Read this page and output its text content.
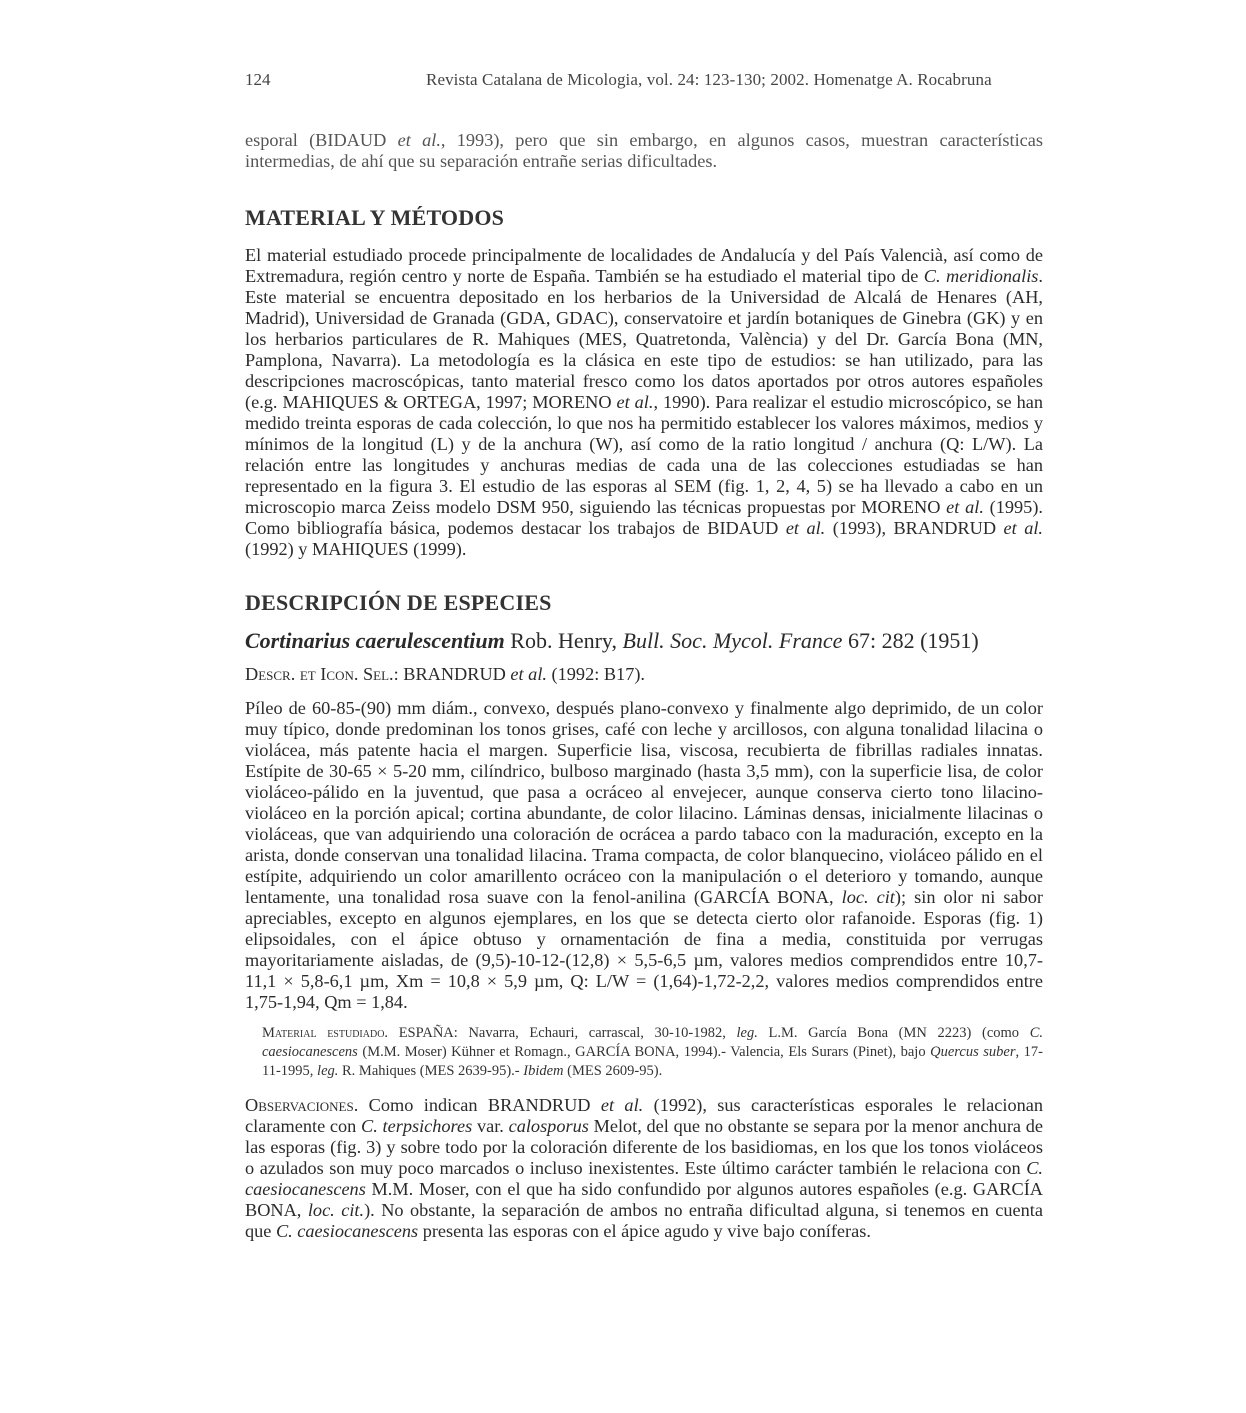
124	Revista Catalana de Micologia, vol. 24: 123-130; 2002. Homenatge A. Rocabruna

esporal (BIDAUD et al., 1993), pero que sin embargo, en algunos casos, muestran características intermedias, de ahí que su separación entrañe serias dificultades.

MATERIAL Y MÉTODOS

El material estudiado procede principalmente de localidades de Andalucía y del País Valencià, así como de Extremadura, región centro y norte de España. También se ha estudiado el material tipo de C. meridionalis. Este material se encuentra depositado en los herbarios de la Universidad de Alcalá de Henares (AH, Madrid), Universidad de Granada (GDA, GDAC), conservatoire et jardín botaniques de Ginebra (GK) y en los herbarios particulares de R. Mahiques (MES, Quatretonda, València) y del Dr. García Bona (MN, Pamplona, Navarra). La metodología es la clásica en este tipo de estudios: se han utilizado, para las descripciones macroscópicas, tanto material fresco como los datos aportados por otros autores españoles (e.g. MAHIQUES & ORTEGA, 1997; MORENO et al., 1990). Para realizar el estudio microscópico, se han medido treinta esporas de cada colección, lo que nos ha permitido establecer los valores máximos, medios y mínimos de la longitud (L) y de la anchura (W), así como de la ratio longitud / anchura (Q: L/W). La relación entre las longitudes y anchuras medias de cada una de las colecciones estudiadas se han representado en la figura 3. El estudio de las esporas al SEM (fig. 1, 2, 4, 5) se ha llevado a cabo en un microscopio marca Zeiss modelo DSM 950, siguiendo las técnicas propuestas por MORENO et al. (1995). Como bibliografía básica, podemos destacar los trabajos de BIDAUD et al. (1993), BRANDRUD et al. (1992) y MAHIQUES (1999).

DESCRIPCIÓN DE ESPECIES

Cortinarius caerulescentium Rob. Henry, Bull. Soc. Mycol. France 67: 282 (1951)

Descr. et Icon. Sel.: BRANDRUD et al. (1992: B17).

Píleo de 60-85-(90) mm diám., convexo, después plano-convexo y finalmente algo deprimido, de un color muy típico, donde predominan los tonos grises, café con leche y arcillosos, con alguna tonalidad lilacina o violácea, más patente hacia el margen. Superficie lisa, viscosa, recubierta de fibrillas radiales innatas. Estípite de 30-65 × 5-20 mm, cilíndrico, bulboso marginado (hasta 3,5 mm), con la superficie lisa, de color violáceo-pálido en la juventud, que pasa a ocráceo al envejecer, aunque conserva cierto tono lilacino-violáceo en la porción apical; cortina abundante, de color lilacino. Láminas densas, inicialmente lilacinas o violáceas, que van adquiriendo una coloración de ocrácea a pardo tabaco con la maduración, excepto en la arista, donde conservan una tonalidad lilacina. Trama compacta, de color blanquecino, violáceo pálido en el estípite, adquiriendo un color amarillento ocráceo con la manipulación o el deterioro y tomando, aunque lentamente, una tonalidad rosa suave con la fenol-anilina (GARCÍA BONA, loc. cit); sin olor ni sabor apreciables, excepto en algunos ejemplares, en los que se detecta cierto olor rafanoide. Esporas (fig. 1) elipsoidales, con el ápice obtuso y ornamentación de fina a media, constituida por verrugas mayoritariamente aisladas, de (9,5)-10-12-(12,8) × 5,5-6,5 µm, valores medios comprendidos entre 10,7-11,1 × 5,8-6,1 µm, Xm = 10,8 × 5,9 µm, Q: L/W = (1,64)-1,72-2,2, valores medios comprendidos entre 1,75-1,94, Qm = 1,84.

Material estudiado. ESPAÑA: Navarra, Echauri, carrascal, 30-10-1982, leg. L.M. García Bona (MN 2223) (como C. caesiocanescens (M.M. Moser) Kühner et Romagn., GARCÍA BONA, 1994).- Valencia, Els Surars (Pinet), bajo Quercus suber, 17-11-1995, leg. R. Mahiques (MES 2639-95).- Ibidem (MES 2609-95).

Observaciones. Como indican BRANDRUD et al. (1992), sus características esporales le relacionan claramente con C. terpsichores var. calosporus Melot, del que no obstante se separa por la menor anchura de las esporas (fig. 3) y sobre todo por la coloración diferente de los basidiomas, en los que los tonos violáceos o azulados son muy poco marcados o incluso inexistentes. Este último carácter también le relaciona con C. caesiocanescens M.M. Moser, con el que ha sido confundido por algunos autores españoles (e.g. GARCÍA BONA, loc. cit.). No obstante, la separación de ambos no entraña dificultad alguna, si tenemos en cuenta que C. caesiocanescens presenta las esporas con el ápice agudo y vive bajo coníferas.
